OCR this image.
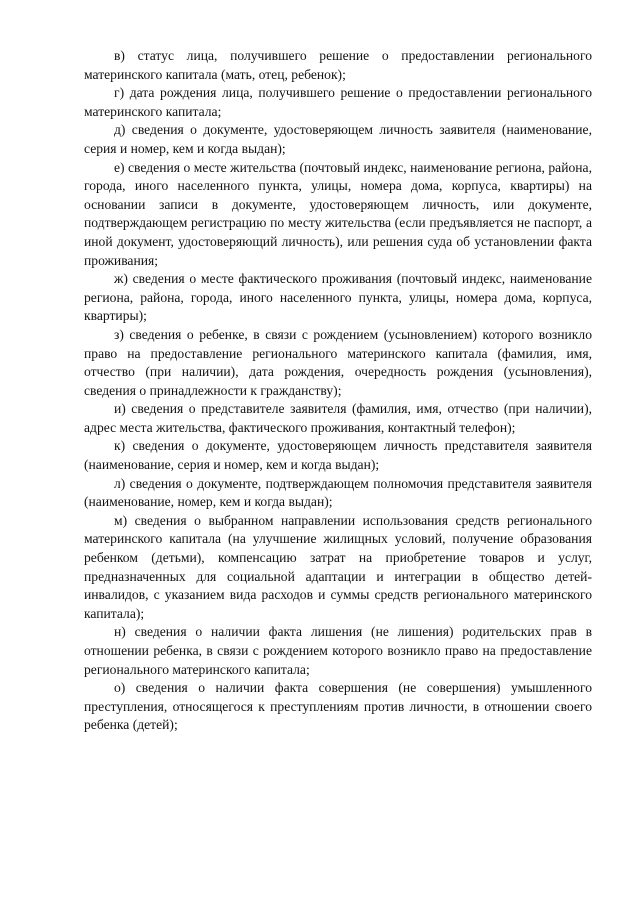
в) статус лица, получившего решение о предоставлении регионального материнского капитала (мать, отец, ребенок);

г) дата рождения лица, получившего решение о предоставлении регионального материнского капитала;

д) сведения о документе, удостоверяющем личность заявителя (наименование, серия и номер, кем и когда выдан);

е) сведения о месте жительства (почтовый индекс, наименование региона, района, города, иного населенного пункта, улицы, номера дома, корпуса, квартиры) на основании записи в документе, удостоверяющем личность, или документе, подтверждающем регистрацию по месту жительства (если предъявляется не паспорт, а иной документ, удостоверяющий личность), или решения суда об установлении факта проживания;

ж) сведения о месте фактического проживания (почтовый индекс, наименование региона, района, города, иного населенного пункта, улицы, номера дома, корпуса, квартиры);

з) сведения о ребенке, в связи с рождением (усыновлением) которого возникло право на предоставление регионального материнского капитала (фамилия, имя, отчество (при наличии), дата рождения, очередность рождения (усыновления), сведения о принадлежности к гражданству);

и) сведения о представителе заявителя (фамилия, имя, отчество (при наличии), адрес места жительства, фактического проживания, контактный телефон);

к) сведения о документе, удостоверяющем личность представителя заявителя (наименование, серия и номер, кем и когда выдан);

л) сведения о документе, подтверждающем полномочия представителя заявителя (наименование, номер, кем и когда выдан);

м) сведения о выбранном направлении использования средств регионального материнского капитала (на улучшение жилищных условий, получение образования ребенком (детьми), компенсацию затрат на приобретение товаров и услуг, предназначенных для социальной адаптации и интеграции в общество детей-инвалидов, с указанием вида расходов и суммы средств регионального материнского капитала);

н) сведения о наличии факта лишения (не лишения) родительских прав в отношении ребенка, в связи с рождением которого возникло право на предоставление регионального материнского капитала;

о) сведения о наличии факта совершения (не совершения) умышленного преступления, относящегося к преступлениям против личности, в отношении своего ребенка (детей);
